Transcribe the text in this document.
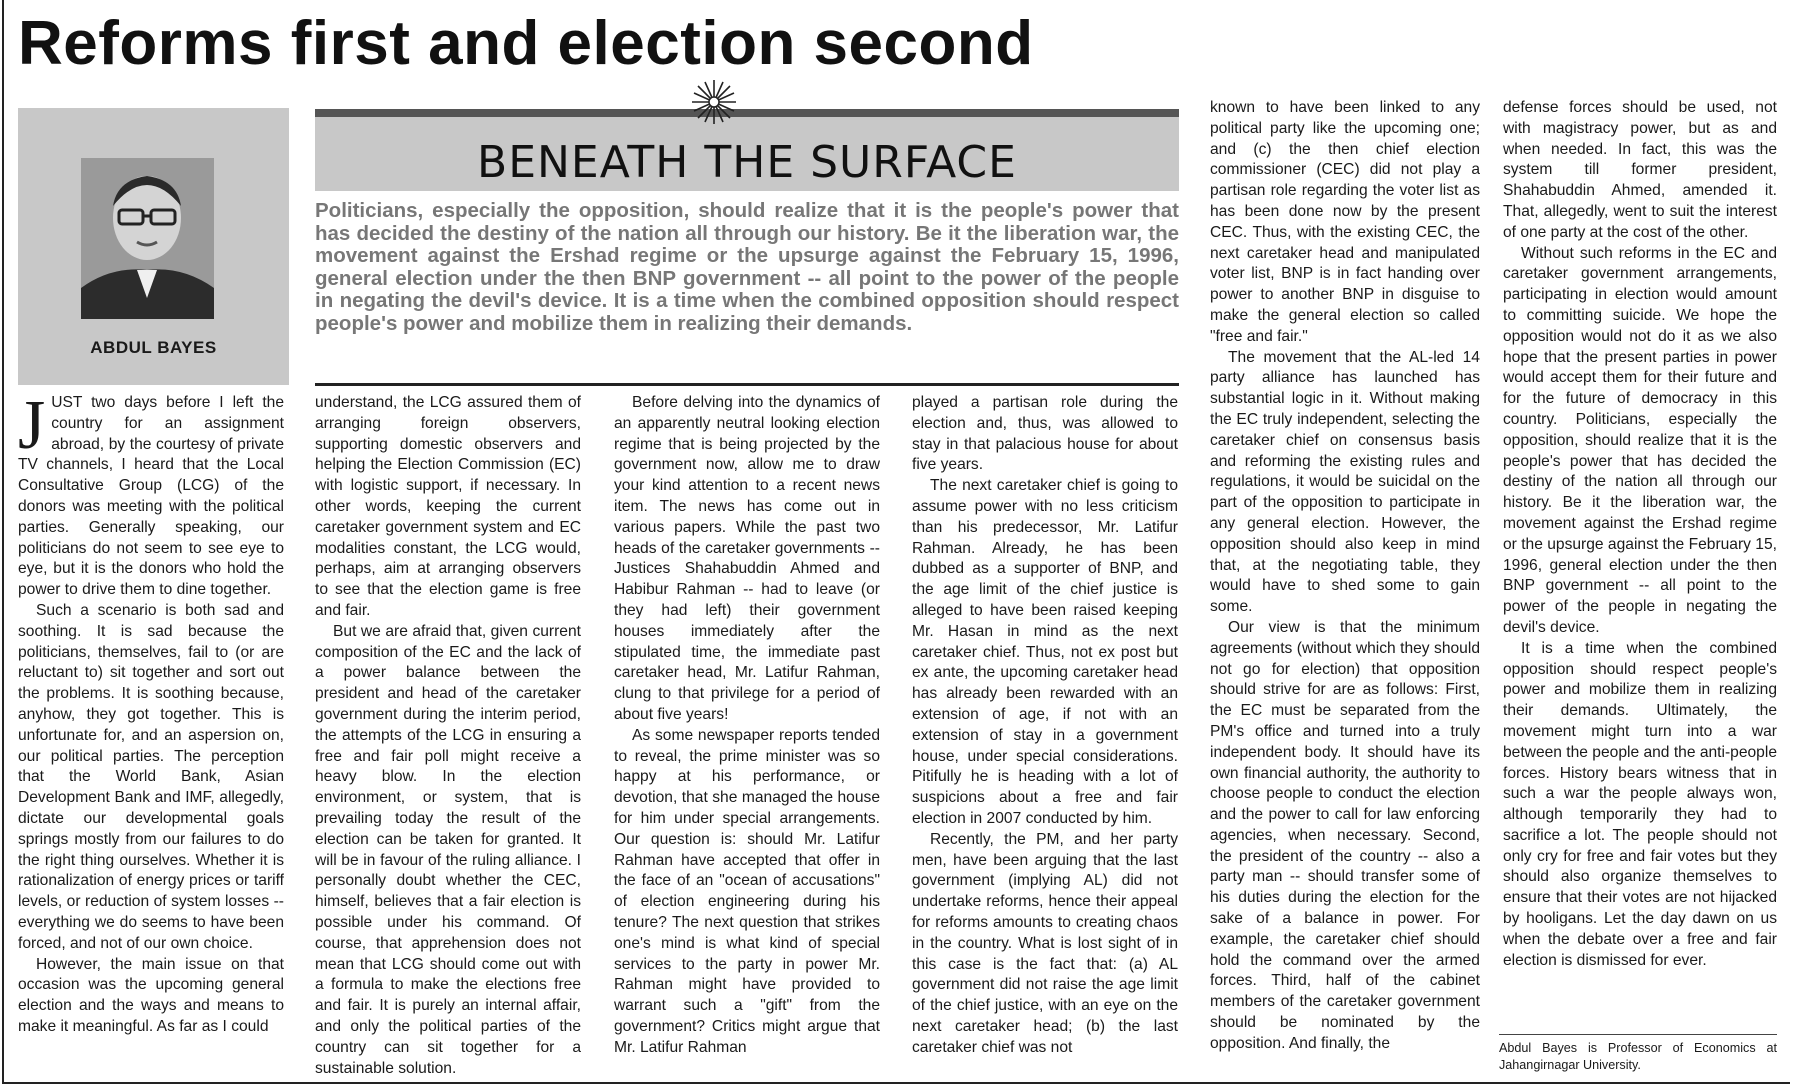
Reforms first and election second
ABDUL BAYES
BENEATH THE SURFACE
Politicians, especially the opposition, should realize that it is the people's power that has decided the destiny of the nation all through our history. Be it the liberation war, the movement against the Ershad regime or the upsurge against the February 15, 1996, general election under the then BNP government -- all point to the power of the people in negating the devil's device. It is a time when the combined opposition should respect people's power and mobilize them in realizing their demands.

JUST two days before I left the country for an assignment abroad, by the courtesy of private TV channels, I heard that the Local Consultative Group (LCG) of the donors was meeting with the political parties. Generally speaking, our politicians do not seem to see eye to eye, but it is the donors who hold the power to drive them to dine together.

Such a scenario is both sad and soothing. It is sad because the politicians, themselves, fail to (or are reluctant to) sit together and sort out the problems. It is soothing because, anyhow, they got together. This is unfortunate for, and an aspersion on, our political parties. The perception that the World Bank, Asian Development Bank and IMF, allegedly, dictate our developmental goals springs mostly from our failures to do the right thing ourselves. Whether it is rationalization of energy prices or tariff levels, or reduction of system losses -- everything we do seems to have been forced, and not of our own choice.

However, the main issue on that occasion was the upcoming general election and the ways and means to make it meaningful. As far as I could

understand, the LCG assured them of arranging foreign observers, supporting domestic observers and helping the Election Commission (EC) with logistic support, if necessary. In other words, keeping the current caretaker government system and EC modalities constant, the LCG would, perhaps, aim at arranging observers to see that the election game is free and fair.

But we are afraid that, given current composition of the EC and the lack of a power balance between the president and head of the caretaker government during the interim period, the attempts of the LCG in ensuring a free and fair poll might receive a heavy blow. In the election environment, or system, that is prevailing today the result of the election can be taken for granted. It will be in favour of the ruling alliance. I personally doubt whether the CEC, himself, believes that a fair election is possible under his command. Of course, that apprehension does not mean that LCG should come out with a formula to make the elections free and fair. It is purely an internal affair, and only the political parties of the country can sit together for a sustainable solution.

Before delving into the dynamics of an apparently neutral looking election regime that is being projected by the government now, allow me to draw your kind attention to a recent news item. The news has come out in various papers. While the past two heads of the caretaker governments -- Justices Shahabuddin Ahmed and Habibur Rahman -- had to leave (or they had left) their government houses immediately after the stipulated time, the immediate past caretaker head, Mr. Latifur Rahman, clung to that privilege for a period of about five years!

As some newspaper reports tended to reveal, the prime minister was so happy at his performance, or devotion, that she managed the house for him under special arrangements. Our question is: should Mr. Latifur Rahman have accepted that offer in the face of an "ocean of accusations" of election engineering during his tenure? The next question that strikes one's mind is what kind of special services to the party in power Mr. Rahman might have provided to warrant such a "gift" from the government? Critics might argue that Mr. Latifur Rahman

played a partisan role during the election and, thus, was allowed to stay in that palacious house for about five years.

The next caretaker chief is going to assume power with no less criticism than his predecessor, Mr. Latifur Rahman. Already, he has been dubbed as a supporter of BNP, and the age limit of the chief justice is alleged to have been raised keeping Mr. Hasan in mind as the next caretaker chief. Thus, not ex post but ex ante, the upcoming caretaker head has already been rewarded with an extension of age, if not with an extension of stay in a government house, under special considerations. Pitifully he is heading with a lot of suspicions about a free and fair election in 2007 conducted by him.

Recently, the PM, and her party men, have been arguing that the last government (implying AL) did not undertake reforms, hence their appeal for reforms amounts to creating chaos in the country. What is lost sight of in this case is the fact that: (a) AL government did not raise the age limit of the chief justice, with an eye on the next caretaker head; (b) the last caretaker chief was not

known to have been linked to any political party like the upcoming one; and (c) the then chief election commissioner (CEC) did not play a partisan role regarding the voter list as has been done now by the present CEC. Thus, with the existing CEC, the next caretaker head and manipulated voter list, BNP is in fact handing over power to another BNP in disguise to make the general election so called "free and fair."

The movement that the AL-led 14 party alliance has launched has substantial logic in it. Without making the EC truly independent, selecting the caretaker chief on consensus basis and reforming the existing rules and regulations, it would be suicidal on the part of the opposition to participate in any general election. However, the opposition should also keep in mind that, at the negotiating table, they would have to shed some to gain some.

Our view is that the minimum agreements (without which they should not go for election) that opposition should strive for are as follows: First, the EC must be separated from the PM's office and turned into a truly independent body. It should have its own financial authority, the authority to choose people to conduct the election and the power to call for law enforcing agencies, when necessary. Second, the president of the country -- also a party man -- should transfer some of his duties during the election for the sake of a balance in power. For example, the caretaker chief should hold the command over the armed forces. Third, half of the cabinet members of the caretaker government should be nominated by the opposition. And finally, the

defense forces should be used, not with magistracy power, but as and when needed. In fact, this was the system till former president, Shahabuddin Ahmed, amended it. That, allegedly, went to suit the interest of one party at the cost of the other.

Without such reforms in the EC and caretaker government arrangements, participating in election would amount to committing suicide. We hope the opposition would not do it as we also hope that the present parties in power would accept them for their future and for the future of democracy in this country. Politicians, especially the opposition, should realize that it is the people's power that has decided the destiny of the nation all through our history. Be it the liberation war, the movement against the Ershad regime or the upsurge against the February 15, 1996, general election under the then BNP government -- all point to the power of the people in negating the devil's device.

It is a time when the combined opposition should respect people's power and mobilize them in realizing their demands. Ultimately, the movement might turn into a war between the people and the anti-people forces. History bears witness that in such a war the people always won, although temporarily they had to sacrifice a lot. The people should not only cry for free and fair votes but they should also organize themselves to ensure that their votes are not hijacked by hooligans. Let the day dawn on us when the debate over a free and fair election is dismissed for ever.

Abdul Bayes is Professor of Economics at Jahangirnagar University.
